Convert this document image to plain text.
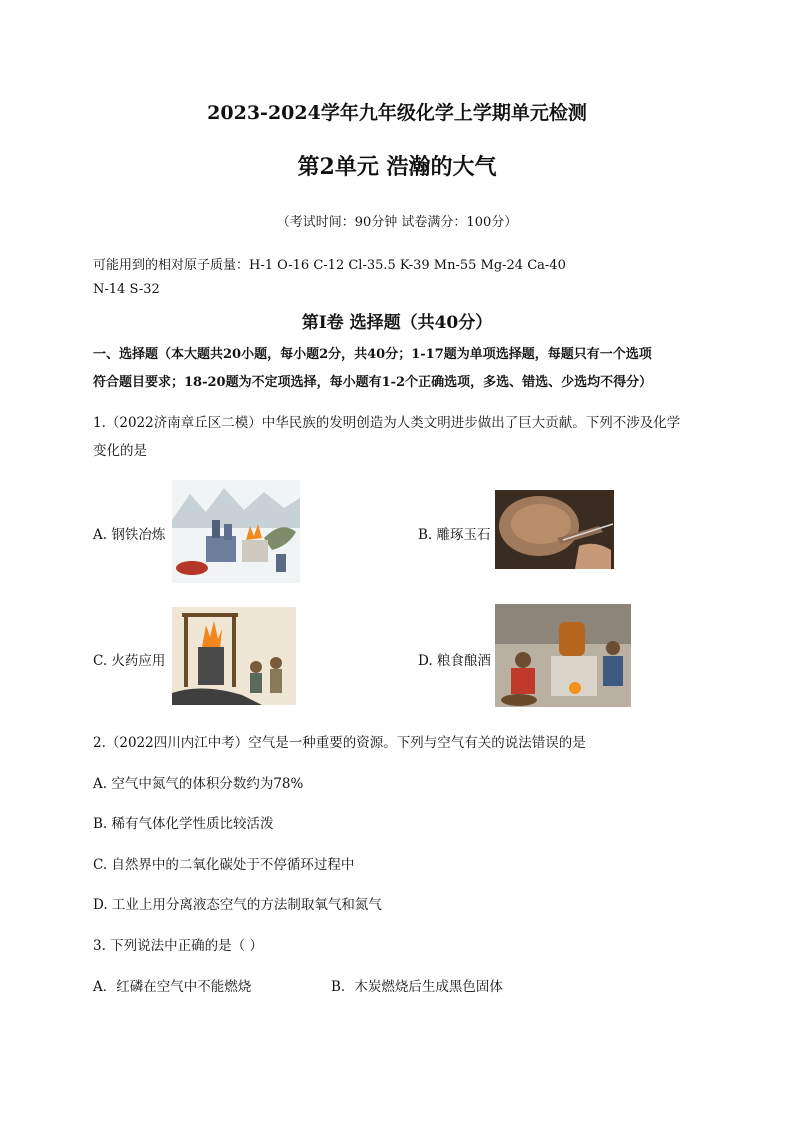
2023-2024学年九年级化学上学期单元检测
第2单元 浩瀚的大气
（考试时间：90分钟 试卷满分：100分）
可能用到的相对原子质量：H-1 O-16 C-12 Cl-35.5 K-39 Mn-55 Mg-24 Ca-40
N-14 S-32
第Ⅰ卷 选择题（共40分）
一、选择题（本大题共20小题，每小题2分，共40分；1-17题为单项选择题，每题只有一个选项
符合题目要求；18-20题为不定项选择，每小题有1-2个正确选项，多选、错选、少选均不得分）
1.（2022济南章丘区二模）中华民族的发明创造为人类文明进步做出了巨大贡献。下列不涉及化学
变化的是
A. 钢铁冶炼	B. 雕琢玉石
C. 火药应用	D. 粮食酿酒
2.（2022四川内江中考）空气是一种重要的资源。下列与空气有关的说法错误的是
A. 空气中氮气的体积分数约为78%
B. 稀有气体化学性质比较活泼
C. 自然界中的二氧化碳处于不停循环过程中
D. 工业上用分离液态空气的方法制取氧气和氮气
3. 下列说法中正确的是（ ）
A．红磷在空气中不能燃烧	B．木炭燃烧后生成黑色固体
